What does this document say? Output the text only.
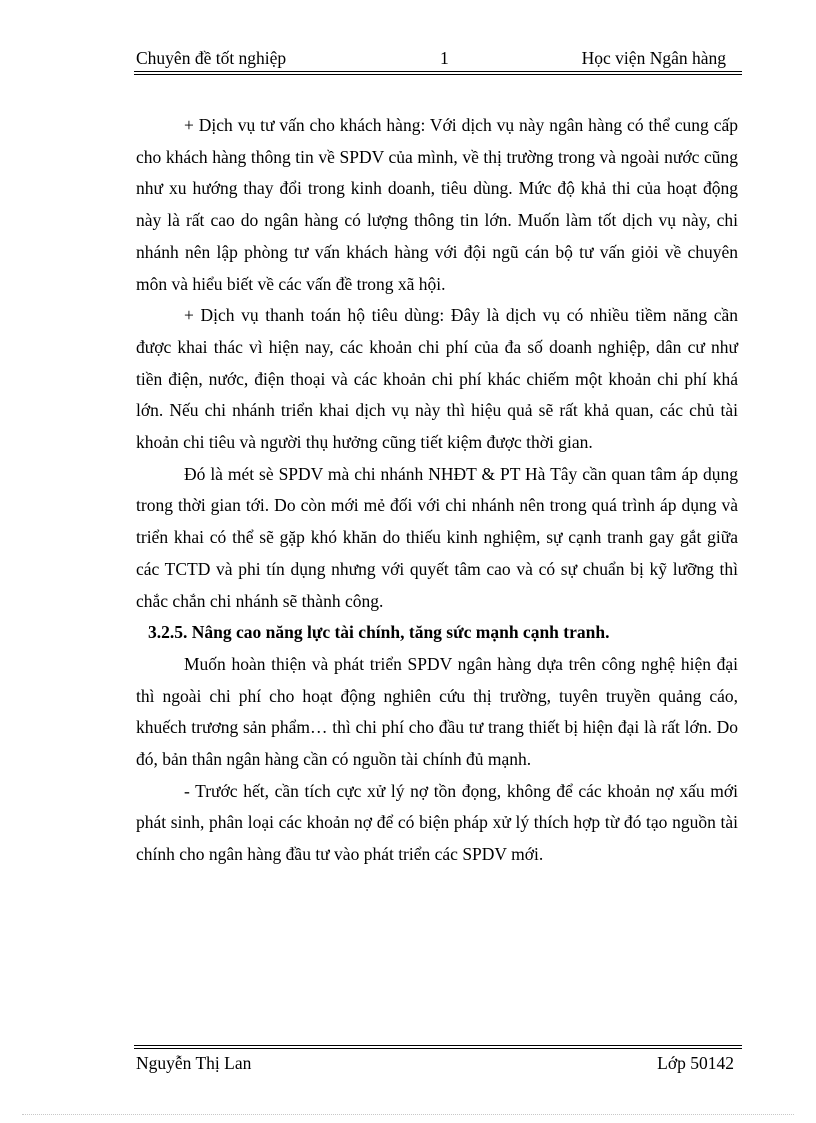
Chuyên đề tốt nghiệp	1	Học viện Ngân hàng

+ Dịch vụ tư vấn cho khách hàng: Với dịch vụ này ngân hàng có thể cung cấp cho khách hàng thông tin về SPDV của mình, về thị trường trong và ngoài nước cũng như xu hướng thay đổi trong kinh doanh, tiêu dùng. Mức độ khả thi của hoạt động này là rất cao do ngân hàng có lượng thông tin lớn. Muốn làm tốt dịch vụ này, chi nhánh nên lập phòng tư vấn khách hàng với đội ngũ cán bộ tư vấn giỏi về chuyên môn và hiểu biết về các vấn đề trong xã hội.

+ Dịch vụ thanh toán hộ tiêu dùng: Đây là dịch vụ có nhiều tiềm năng cần được khai thác vì hiện nay, các khoản chi phí của đa số doanh nghiệp, dân cư như tiền điện, nước, điện thoại và các khoản chi phí khác chiếm một khoản chi phí khá lớn. Nếu chi nhánh triển khai dịch vụ này thì hiệu quả sẽ rất khả quan, các chủ tài khoản chi tiêu và người thụ hưởng cũng tiết kiệm được thời gian.

Đó là mét sè SPDV mà chi nhánh NHĐT & PT Hà Tây cần quan tâm áp dụng trong thời gian tới. Do còn mới mẻ đối với chi nhánh nên trong quá trình áp dụng và triển khai có thể sẽ gặp khó khăn do thiếu kinh nghiệm, sự cạnh tranh gay gắt giữa các TCTD và phi tín dụng nhưng với quyết tâm cao và có sự chuẩn bị kỹ lưỡng thì chắc chắn chi nhánh sẽ thành công.

3.2.5. Nâng cao năng lực tài chính, tăng sức mạnh cạnh tranh.

Muốn hoàn thiện và phát triển SPDV ngân hàng dựa trên công nghệ hiện đại thì ngoài chi phí cho hoạt động nghiên cứu thị trường, tuyên truyền quảng cáo, khuếch trương sản phẩm… thì chi phí cho đầu tư trang thiết bị hiện đại là rất lớn. Do đó, bản thân ngân hàng cần có nguồn tài chính đủ mạnh.

- Trước hết, cần tích cực xử lý nợ tồn đọng, không để các khoản nợ xấu mới phát sinh, phân loại các khoản nợ để có biện pháp xử lý thích hợp từ đó tạo nguồn tài chính cho ngân hàng đầu tư vào phát triển các SPDV mới.

Nguyễn Thị Lan	Lớp 50142
